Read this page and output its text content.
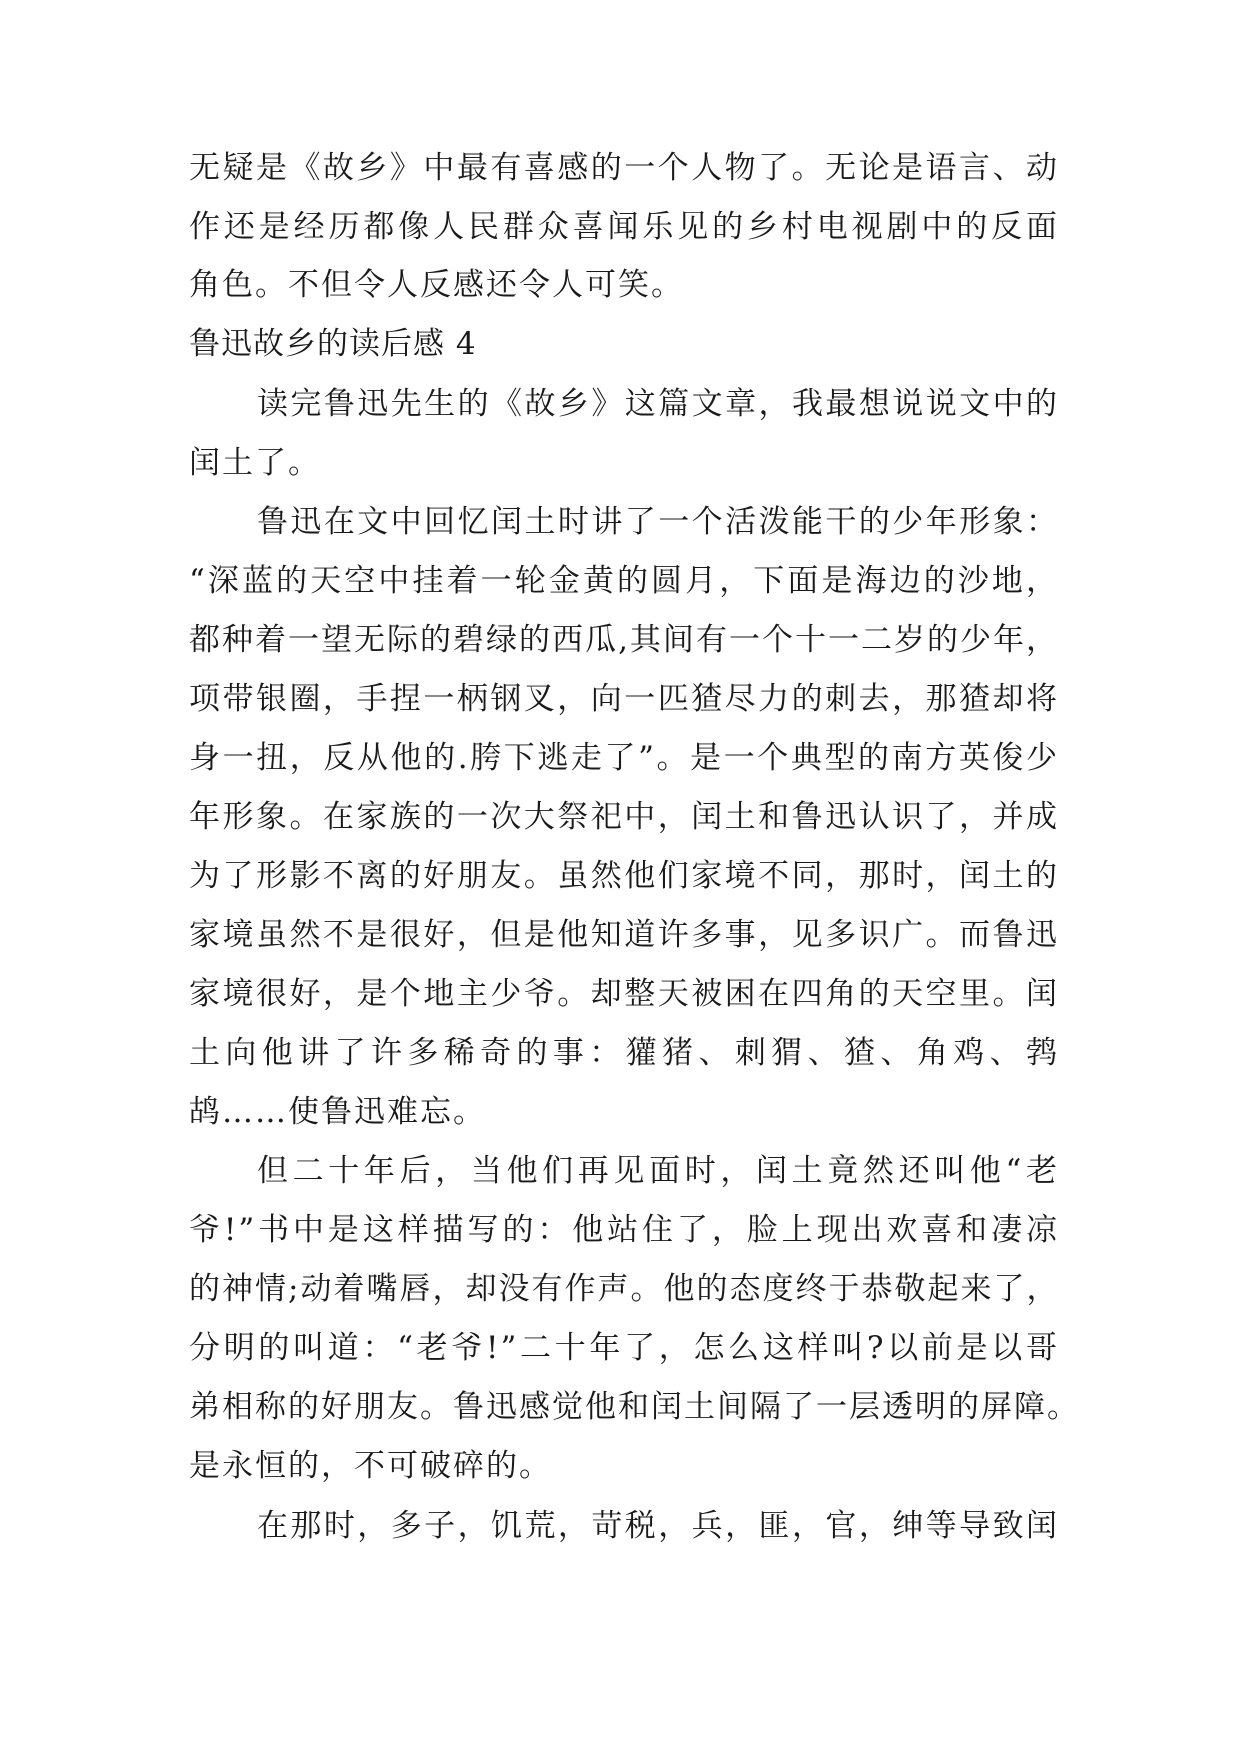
无疑是《故乡》中最有喜感的一个人物了。无论是语言、动
作还是经历都像人民群众喜闻乐见的乡村电视剧中的反面
角色。不但令人反感还令人可笑。
鲁迅故乡的读后感 4
读完鲁迅先生的《故乡》这篇文章，我最想说说文中的
闰土了。
鲁迅在文中回忆闰土时讲了一个活泼能干的少年形象：
“深蓝的天空中挂着一轮金黄的圆月，下面是海边的沙地，
都种着一望无际的碧绿的西瓜,其间有一个十一二岁的少年，
项带银圈，手捏一柄钢叉，向一匹猹尽力的刺去，那猹却将
身一扭，反从他的.胯下逃走了”。是一个典型的南方英俊少
年形象。在家族的一次大祭祀中，闰土和鲁迅认识了，并成
为了形影不离的好朋友。虽然他们家境不同，那时，闰土的
家境虽然不是很好，但是他知道许多事，见多识广。而鲁迅
家境很好，是个地主少爷。却整天被困在四角的天空里。闰
土向他讲了许多稀奇的事：獾猪、刺猬、猹、角鸡、鹁
鸪……使鲁迅难忘。
但二十年后，当他们再见面时，闰土竟然还叫他“老
爷!”书中是这样描写的：他站住了，脸上现出欢喜和凄凉
的神情;动着嘴唇，却没有作声。他的态度终于恭敬起来了，
分明的叫道：“老爷!”二十年了，怎么这样叫?以前是以哥
弟相称的好朋友。鲁迅感觉他和闰土间隔了一层透明的屏障。
是永恒的，不可破碎的。
在那时，多子，饥荒，苛税，兵，匪，官，绅等导致闰
